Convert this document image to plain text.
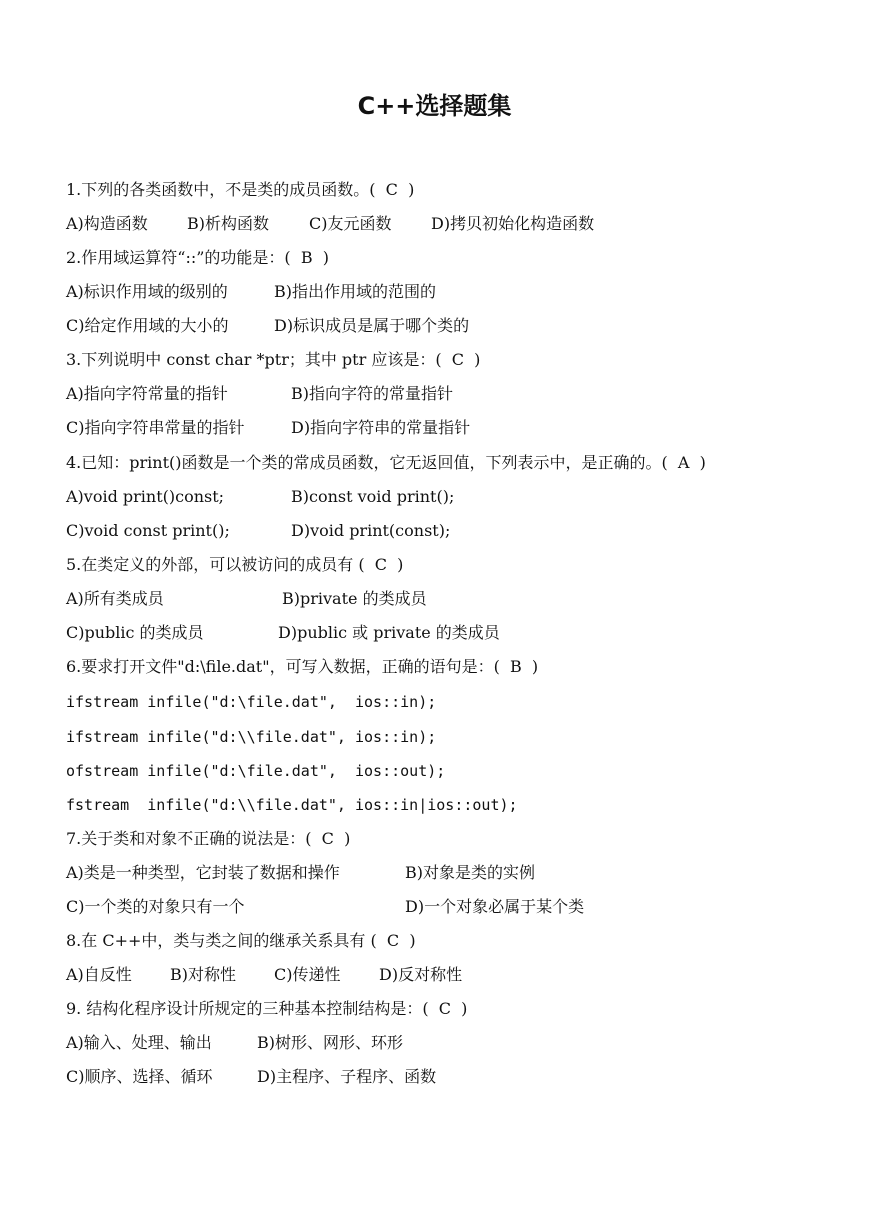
C++选择题集
1.下列的各类函数中，不是类的成员函数。(  C  )

A)构造函数

B)析构函数

C)友元函数

D)拷贝初始化构造函数

2.作用域运算符“::”的功能是：(  B  )

A)标识作用域的级别的

	B)指出作用域的范围的

C)给定作用域的大小的

	D)标识成员是属于哪个类的

3.下列说明中 const char *ptr；其中 ptr 应该是：(  C  )

A)指向字符常量的指针

	B)指向字符的常量指针

C)指向字符串常量的指针

	D)指向字符串的常量指针

4.已知：print()函数是一个类的常成员函数，它无返回值，下列表示中，是正确的。(  A  )

A)void print()const;

	B)const void print();

C)void const print();

	D)void print(const);

5.在类定义的外部，可以被访问的成员有 (  C  )

A)所有类成员

	B)private 的类成员

C)public 的类成员

	D)public 或 private 的类成员

6.要求打开文件"d:\file.dat"，可写入数据，正确的语句是：(  B  )
ifstream infile("d:\file.dat",  ios::in);
ifstream infile("d:\\file.dat", ios::in);
ofstream infile("d:\file.dat",  ios::out);
fstream  infile("d:\\file.dat", ios::in|ios::out);
7.关于类和对象不正确的说法是：(  C  )

A)类是一种类型，它封装了数据和操作

	B)对象是类的实例

C)一个类的对象只有一个

	D)一个对象必属于某个类

8.在 C++中，类与类之间的继承关系具有 (  C  )

A)自反性

B)对称性

C)传递性

D)反对称性

9. 结构化程序设计所规定的三种基本控制结构是：(  C  )

A)输入、处理、输出

	B)树形、网形、环形

C)顺序、选择、循环

	D)主程序、子程序、函数
